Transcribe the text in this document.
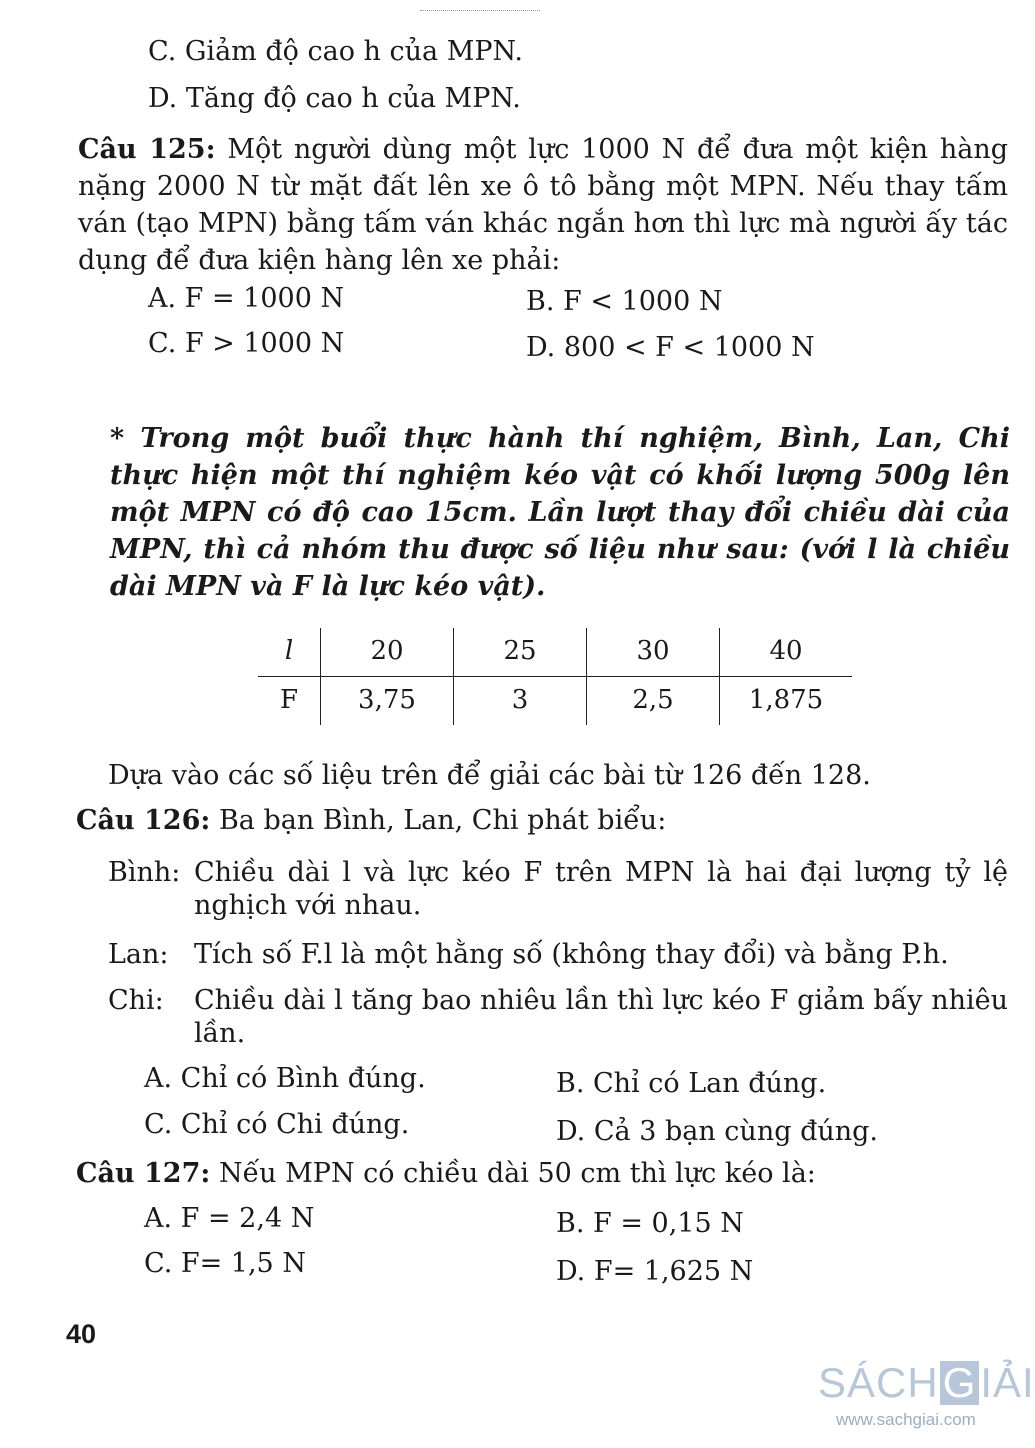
C. Giảm độ cao h của MPN.
D. Tăng độ cao h của MPN.
Câu 125: Một người dùng một lực 1000 N để đưa một kiện hàng nặng 2000 N từ mặt đất lên xe ô tô bằng một MPN. Nếu thay tấm ván (tạo MPN) bằng tấm ván khác ngắn hơn thì lực mà người ấy tác dụng để đưa kiện hàng lên xe phải:
A. F = 1000 N	B. F < 1000 N
C. F > 1000 N	D. 800 < F < 1000 N
* Trong một buổi thực hành thí nghiệm, Bình, Lan, Chi thực hiện một thí nghiệm kéo vật có khối lượng 500g lên một MPN có độ cao 15cm. Lần lượt thay đổi chiều dài của MPN, thì cả nhóm thu được số liệu như sau: (với l là chiều dài MPN và F là lực kéo vật).
l	20	25	30	40
F	3,75	3	2,5	1,875
Dựa vào các số liệu trên để giải các bài từ 126 đến 128.
Câu 126: Ba bạn Bình, Lan, Chi phát biểu:
Bình: Chiều dài l và lực kéo F trên MPN là hai đại lượng tỷ lệ nghịch với nhau.
Lan: Tích số F.l là một hằng số (không thay đổi) và bằng P.h.
Chi: Chiều dài l tăng bao nhiêu lần thì lực kéo F giảm bấy nhiêu lần.
A. Chỉ có Bình đúng.	B. Chỉ có Lan đúng.
C. Chỉ có Chi đúng.	D. Cả 3 bạn cùng đúng.
Câu 127: Nếu MPN có chiều dài 50 cm thì lực kéo là:
A. F = 2,4 N	B. F = 0,15 N
C. F= 1,5 N	D. F= 1,625 N
40
SÁCH G IẢI
www.sachgiai.com
